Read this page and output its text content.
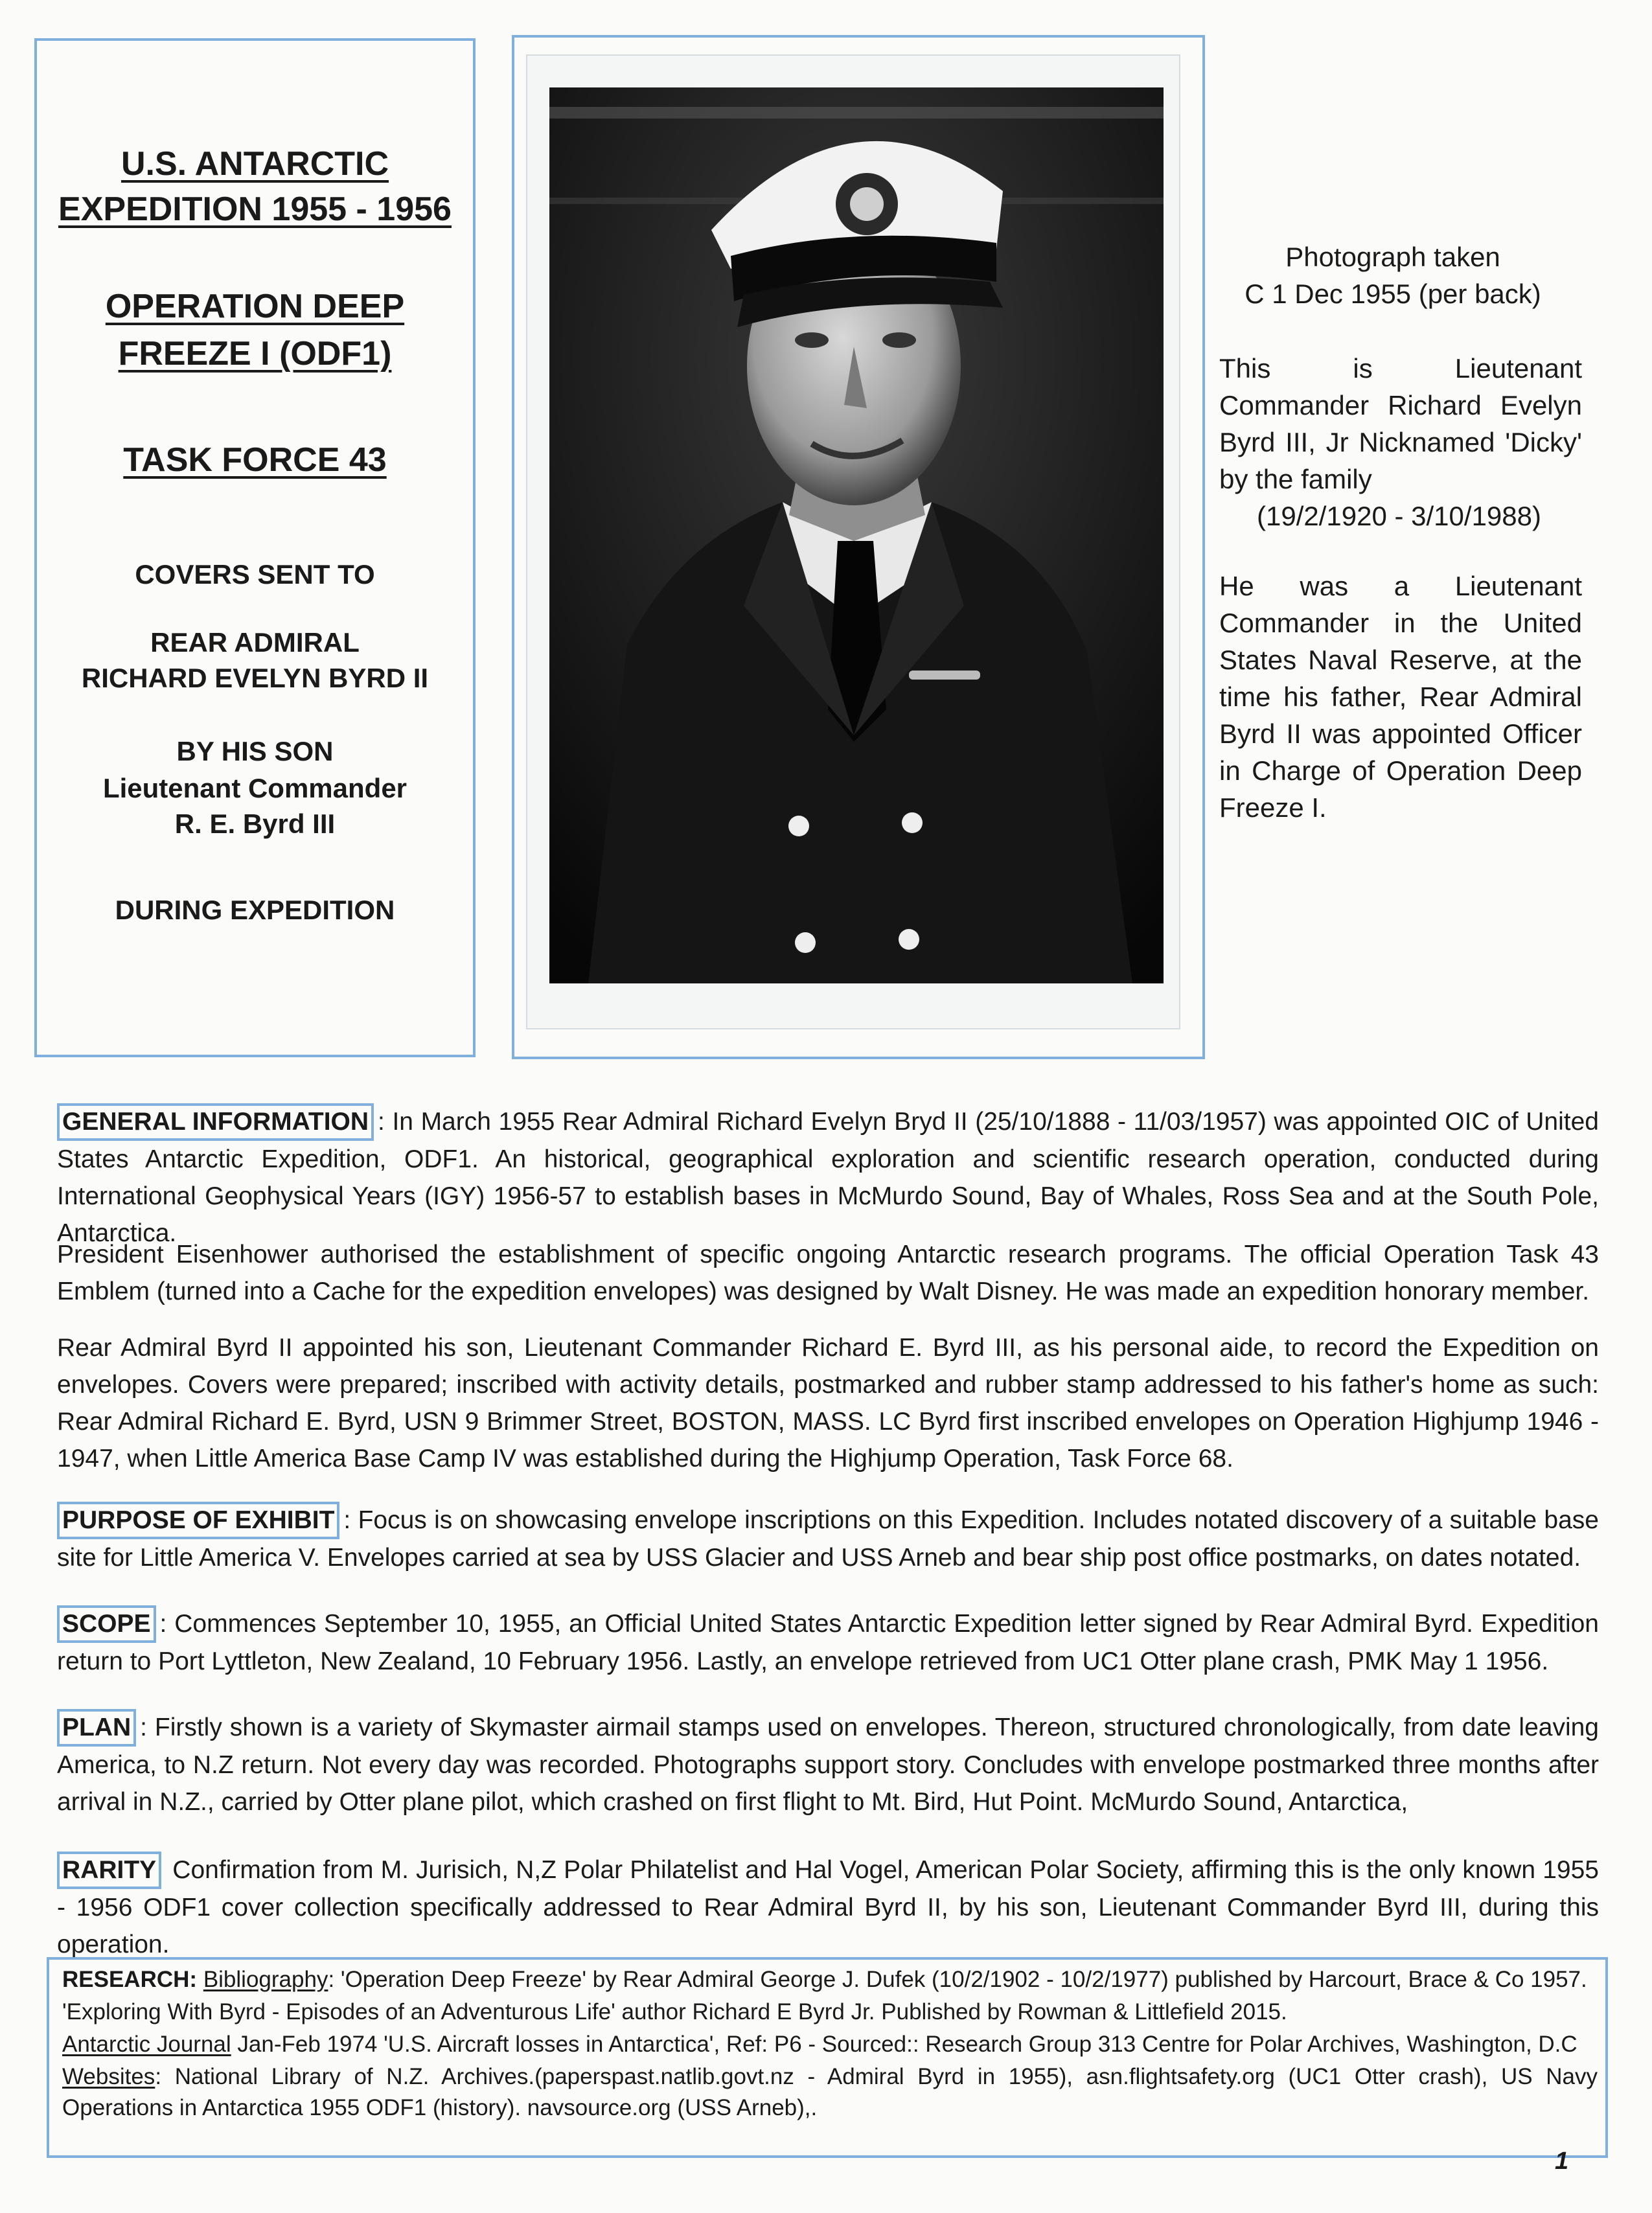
U.S. ANTARCTIC
EXPEDITION 1955 - 1956
OPERATION DEEP
FREEZE I (ODF1)
TASK FORCE 43
COVERS SENT TO
REAR ADMIRAL
RICHARD EVELYN BYRD II
BY HIS SON
Lieutenant Commander
R. E. Byrd III
DURING EXPEDITION
Photograph taken
C 1 Dec 1955 (per back)
This is Lieutenant Commander Richard Evelyn Byrd III, Jr Nicknamed 'Dicky' by the family
(19/2/1920 - 3/10/1988)
He was a Lieutenant Commander in the United States Naval Reserve, at the time his father, Rear Admiral Byrd II was appointed Officer in Charge of Operation Deep Freeze I.
GENERAL INFORMATION : In March 1955 Rear Admiral Richard Evelyn Bryd II (25/10/1888 - 11/03/1957) was appointed OIC of United States Antarctic Expedition, ODF1. An historical, geographical exploration and scientific research operation, conducted during International Geophysical Years (IGY) 1956-57 to establish bases in McMurdo Sound, Bay of Whales, Ross Sea and at the South Pole, Antarctica.
President Eisenhower authorised the establishment of specific ongoing Antarctic research programs. The official Operation Task 43 Emblem (turned into a Cache for the expedition envelopes) was designed by Walt Disney. He was made an expedition honorary member.
Rear Admiral Byrd II appointed his son, Lieutenant Commander Richard E. Byrd III, as his personal aide, to record the Expedition on envelopes. Covers were prepared; inscribed with activity details, postmarked and rubber stamp addressed to his father's home as such: Rear Admiral Richard E. Byrd, USN 9 Brimmer Street, BOSTON, MASS. LC Byrd first inscribed envelopes on Operation Highjump 1946 - 1947, when Little America Base Camp IV was established during the Highjump Operation, Task Force 68.
PURPOSE OF EXHIBIT : Focus is on showcasing envelope inscriptions on this Expedition. Includes notated discovery of a suitable base site for Little America V. Envelopes carried at sea by USS Glacier and USS Arneb and bear ship post office postmarks, on dates notated.
SCOPE : Commences September 10, 1955, an Official United States Antarctic Expedition letter signed by Rear Admiral Byrd. Expedition return to Port Lyttleton, New Zealand, 10 February 1956. Lastly, an envelope retrieved from UC1 Otter plane crash, PMK May 1 1956.
PLAN : Firstly shown is a variety of Skymaster airmail stamps used on envelopes. Thereon, structured chronologically, from date leaving America, to N.Z return. Not every day was recorded. Photographs support story. Concludes with envelope postmarked three months after arrival in N.Z., carried by Otter plane pilot, which crashed on first flight to Mt. Bird, Hut Point. McMurdo Sound, Antarctica,
RARITY Confirmation from M. Jurisich, N,Z Polar Philatelist and Hal Vogel, American Polar Society, affirming this is the only known 1955 - 1956 ODF1 cover collection specifically addressed to Rear Admiral Byrd II, by his son, Lieutenant Commander Byrd III, during this operation.
RESEARCH: Bibliography: 'Operation Deep Freeze' by Rear Admiral George J. Dufek (10/2/1902 - 10/2/1977) published by Harcourt, Brace & Co 1957.
'Exploring With Byrd - Episodes of an Adventurous Life' author Richard E Byrd Jr. Published by Rowman & Littlefield 2015.
Antarctic Journal Jan-Feb 1974 'U.S. Aircraft losses in Antarctica', Ref: P6 - Sourced:: Research Group 313 Centre for Polar Archives, Washington, D.C
Websites: National Library of N.Z. Archives.(paperspast.natlib.govt.nz - Admiral Byrd in 1955), asn.flightsafety.org (UC1 Otter crash), US Navy Operations in Antarctica 1955 ODF1 (history). navsource.org (USS Arneb),.
1
